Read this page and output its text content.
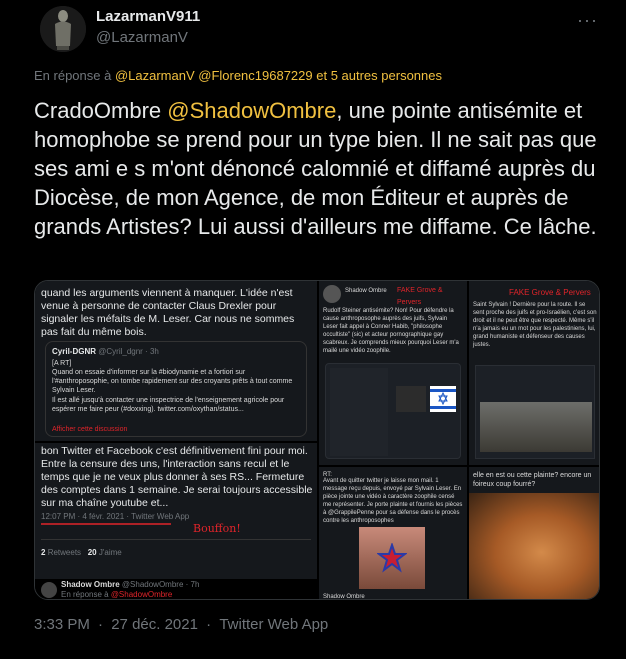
LazarmanV911
@LazarmanV
···
En réponse à @LazarmanV @Florenc19687229 et 5 autres personnes
CradoOmbre @ShadowOmbre, une pointe antisémite et homophobe se prend pour un type bien. Il ne sait pas que ses ami e s m'ont dénoncé calomnié et diffamé auprès du Diocèse, de mon Agence, de mon Éditeur et auprès de grands Artistes? Lui aussi d'ailleurs me diffame. Ce lâche.
quand les arguments viennent à manquer. L'idée n'est venue à personne de contacter Claus Drexler pour signaler les méfaits de M. Leser. Car nous ne sommes pas fait du même bois.
Cyril-DGNR @Cyril_dgnr · 3h
[A RT]
Quand on essaie d'informer sur la #biodynamie et a fortiori sur l'#anthroposophie, on tombe rapidement sur des croyants prêts à tout comme Sylvain Leser.
Il est allé jusqu'à contacter une inspectrice de l'enseignement agricole pour espérer me faire peur (#doxxing). twitter.com/oxythan/status...
Afficher cette discussion
bon Twitter et Facebook c'est définitivement fini pour moi. Entre la censure des uns, l'interaction sans recul et le temps que je ne veux plus donner à ses RS... Fermeture des comptes dans 1 semaine. Je serai toujours accessible sur ma chaîne youtube et...
12:07 PM · 4 févr. 2021 · Twitter Web App
Bouffon!
2 Retweets 20 J'aime
Shadow Ombre @ShadowOmbre · 7h
En réponse à @ShadowOmbre
Shadow Ombre FAKE Grove & Pervers
Rudolf Steiner antisémite? Non! Pour défendre la cause anthroposophe auprès des juifs, Sylvain Leser fait appel à Conner Habib, "philosophe occultiste" (sic) et acteur pornographique gay scabreux. Je comprends mieux pourquoi Leser m'a mailé une vidéo zoophile.
FAKE Grove & Pervers
Saint Sylvain ! Dernière pour la route. Il se sent proche des juifs et pro-Israélien, c'est son droit et il ne peut être que respecté. Même s'il n'a jamais eu un mot pour les palestiniens, lui, grand humaniste et défenseur des causes justes.
RT:
Avant de quitter twitter je laisse mon mail. 1 message reçu depuis, envoyé par Sylvain Leser. En pièce jointe une vidéo à caractère zoophile censé me représenter. Je porte plainte et fournis les pièces à @GrappilePenne pour sa défense dans le procès contre les anthroposophes
Shadow Ombre
elle en est ou cette plainte? encore un foireux coup fourré?
3:33 PM · 27 déc. 2021 · Twitter Web App
